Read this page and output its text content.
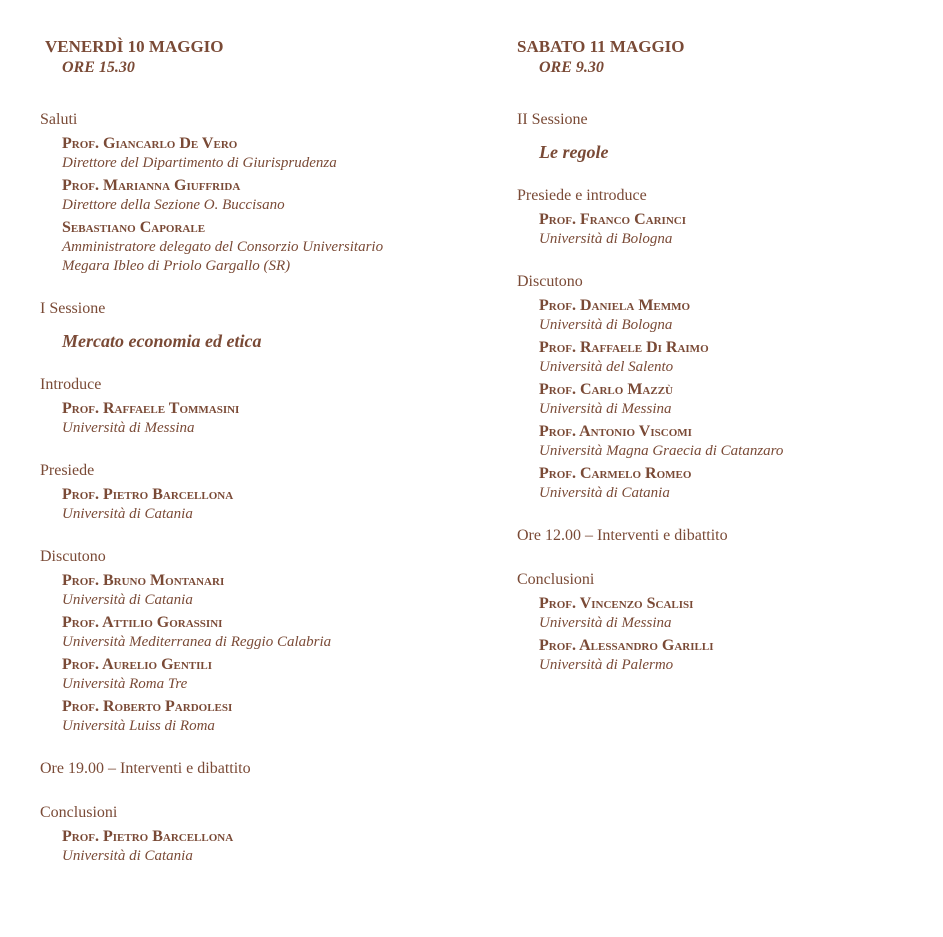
VENERDÌ 10 MAGGIO
ORE 15.30
Saluti
Prof. Giancarlo De Vero
Direttore del Dipartimento di Giurisprudenza
Prof. Marianna Giuffrida
Direttore della Sezione O. Buccisano
Sebastiano Caporale
Amministratore delegato del Consorzio Universitario
Megara Ibleo di Priolo Gargallo (SR)
I Sessione
Mercato economia ed etica
Introduce
Prof. Raffaele Tommasini
Università di Messina
Presiede
Prof. Pietro Barcellona
Università di Catania
Discutono
Prof. Bruno Montanari
Università di Catania
Prof. Attilio Gorassini
Università Mediterranea di Reggio Calabria
Prof. Aurelio Gentili
Università Roma Tre
Prof. Roberto Pardolesi
Università Luiss di Roma
Ore 19.00 – Interventi e dibattito
Conclusioni
Prof. Pietro Barcellona
Università di Catania
SABATO 11 MAGGIO
ORE 9.30
II Sessione
Le regole
Presiede e introduce
Prof. Franco Carinci
Università di Bologna
Discutono
Prof. Daniela Memmo
Università di Bologna
Prof. Raffaele Di Raimo
Università del Salento
Prof. Carlo Mazzù
Università di Messina
Prof. Antonio Viscomi
Università Magna Graecia di Catanzaro
Prof. Carmelo Romeo
Università di Catania
Ore 12.00 – Interventi e dibattito
Conclusioni
Prof. Vincenzo Scalisi
Università di Messina
Prof. Alessandro Garilli
Università di Palermo
